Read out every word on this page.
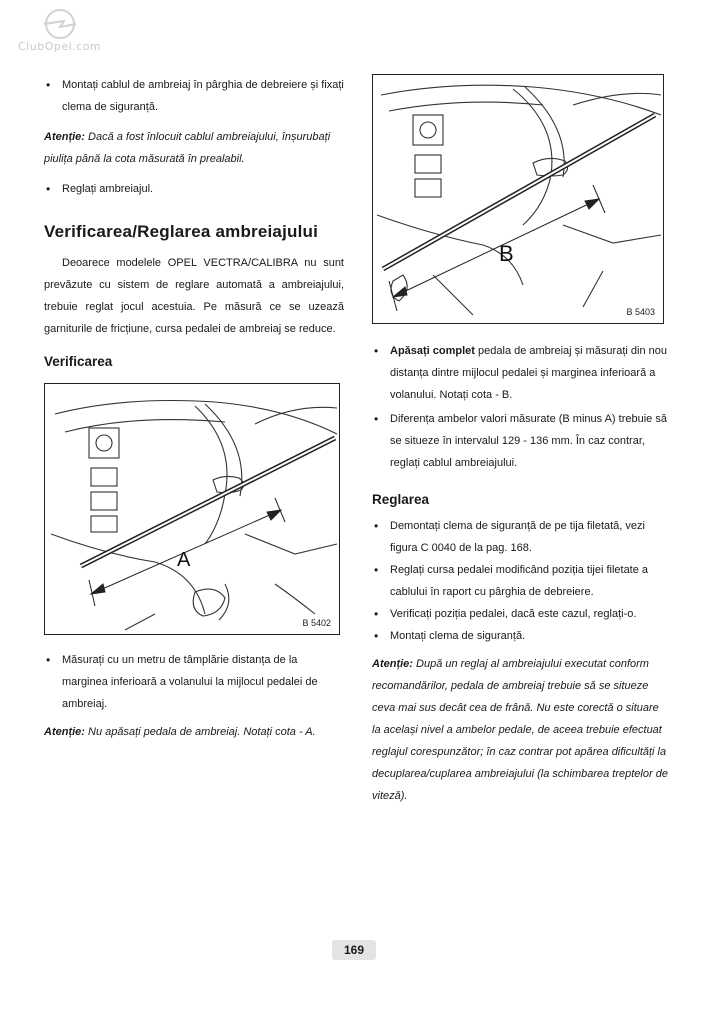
ClubOpel.com

• Montați cablul de ambreiaj în pârghia de debreiere și fixați clema de siguranță.

Atenție: Dacă a fost înlocuit cablul ambreiajului, înșurubați piulița până la cota măsurată în prealabil.

• Reglați ambreiajul.

Verificarea/Reglarea ambreiajului

Deoarece modelele OPEL VECTRA/CALIBRA nu sunt prevăzute cu sistem de reglare automată a ambreiajului, trebuie reglat jocul acestuia. Pe măsură ce se uzează garniturile de fricțiune, cursa pedalei de ambreiaj se reduce.

Verificarea
A
B 5402

• Măsurați cu un metru de tâmplărie distanța de la marginea inferioară a volanului la mijlocul pedalei de ambreiaj.

Atenție: Nu apăsați pedala de ambreiaj. Notați cota - A.

B
B 5403

• Apăsați complet pedala de ambreiaj și măsurați din nou distanța dintre mijlocul pedalei și marginea inferioară a volanului. Notați cota - B.

• Diferența ambelor valori măsurate (B minus A) trebuie să se situeze în intervalul 129 - 136 mm. În caz contrar, reglați cablul ambreiajului.

Reglarea

• Demontați clema de siguranță de pe tija filetată, vezi figura C 0040 de la pag. 168.

• Reglați cursa pedalei modificând poziția tijei filetate a cablului în raport cu pârghia de debreiere.

• Verificați poziția pedalei, dacă este cazul, reglați-o.

• Montați clema de siguranță.

Atenție: După un reglaj al ambreiajului executat conform recomandărilor, pedala de ambreiaj trebuie să se situeze ceva mai sus decât cea de frână. Nu este corectă o situare la același nivel a ambelor pedale, de aceea trebuie efectuat reglajul corespunzător; în caz contrar pot apărea dificultăți la decuplarea/cuplarea ambreiajului (la schimbarea treptelor de viteză).

169
